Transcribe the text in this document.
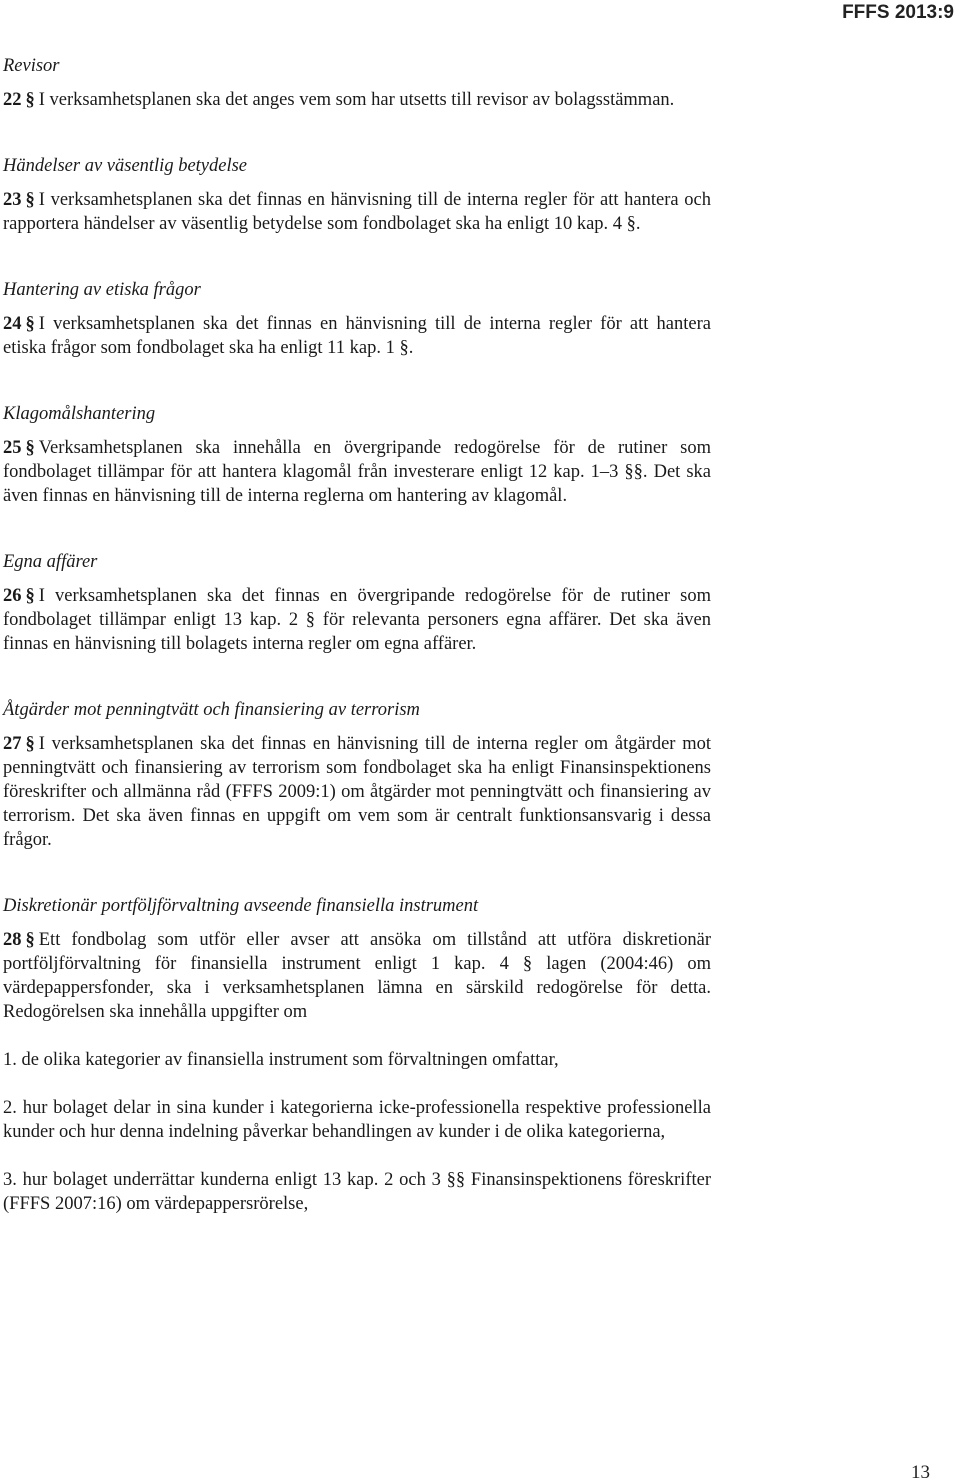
FFFS 2013:9
Revisor

22 § I verksamhetsplanen ska det anges vem som har utsetts till revisor av bolagsstämman.

Händelser av väsentlig betydelse

23 § I verksamhetsplanen ska det finnas en hänvisning till de interna regler för att hantera och rapportera händelser av väsentlig betydelse som fondbolaget ska ha enligt 10 kap. 4 §.

Hantering av etiska frågor

24 § I verksamhetsplanen ska det finnas en hänvisning till de interna regler för att hantera etiska frågor som fondbolaget ska ha enligt 11 kap. 1 §.

Klagomålshantering

25 § Verksamhetsplanen ska innehålla en övergripande redogörelse för de rutiner som fondbolaget tillämpar för att hantera klagomål från investerare enligt 12 kap. 1–3 §§. Det ska även finnas en hänvisning till de interna reglerna om hantering av klagomål.

Egna affärer

26 § I verksamhetsplanen ska det finnas en övergripande redogörelse för de rutiner som fondbolaget tillämpar enligt 13 kap. 2 § för relevanta personers egna affärer. Det ska även finnas en hänvisning till bolagets interna regler om egna affärer.

Åtgärder mot penningtvätt och finansiering av terrorism

27 § I verksamhetsplanen ska det finnas en hänvisning till de interna regler om åtgärder mot penningtvätt och finansiering av terrorism som fondbolaget ska ha enligt Finansinspektionens föreskrifter och allmänna råd (FFFS 2009:1) om åtgärder mot penningtvätt och finansiering av terrorism. Det ska även finnas en uppgift om vem som är centralt funktionsansvarig i dessa frågor.

Diskretionär portföljförvaltning avseende finansiella instrument

28 § Ett fondbolag som utför eller avser att ansöka om tillstånd att utföra diskretionär portföljförvaltning för finansiella instrument enligt 1 kap. 4 § lagen (2004:46) om värdepappersfonder, ska i verksamhetsplanen lämna en särskild redogörelse för detta. Redogörelsen ska innehålla uppgifter om

1. de olika kategorier av finansiella instrument som förvaltningen omfattar,

2. hur bolaget delar in sina kunder i kategorierna icke-professionella respektive professionella kunder och hur denna indelning påverkar behandlingen av kunder i de olika kategorierna,

3. hur bolaget underrättar kunderna enligt 13 kap. 2 och 3 §§ Finansinspektionens föreskrifter (FFFS 2007:16) om värdepappersrörelse,

13
